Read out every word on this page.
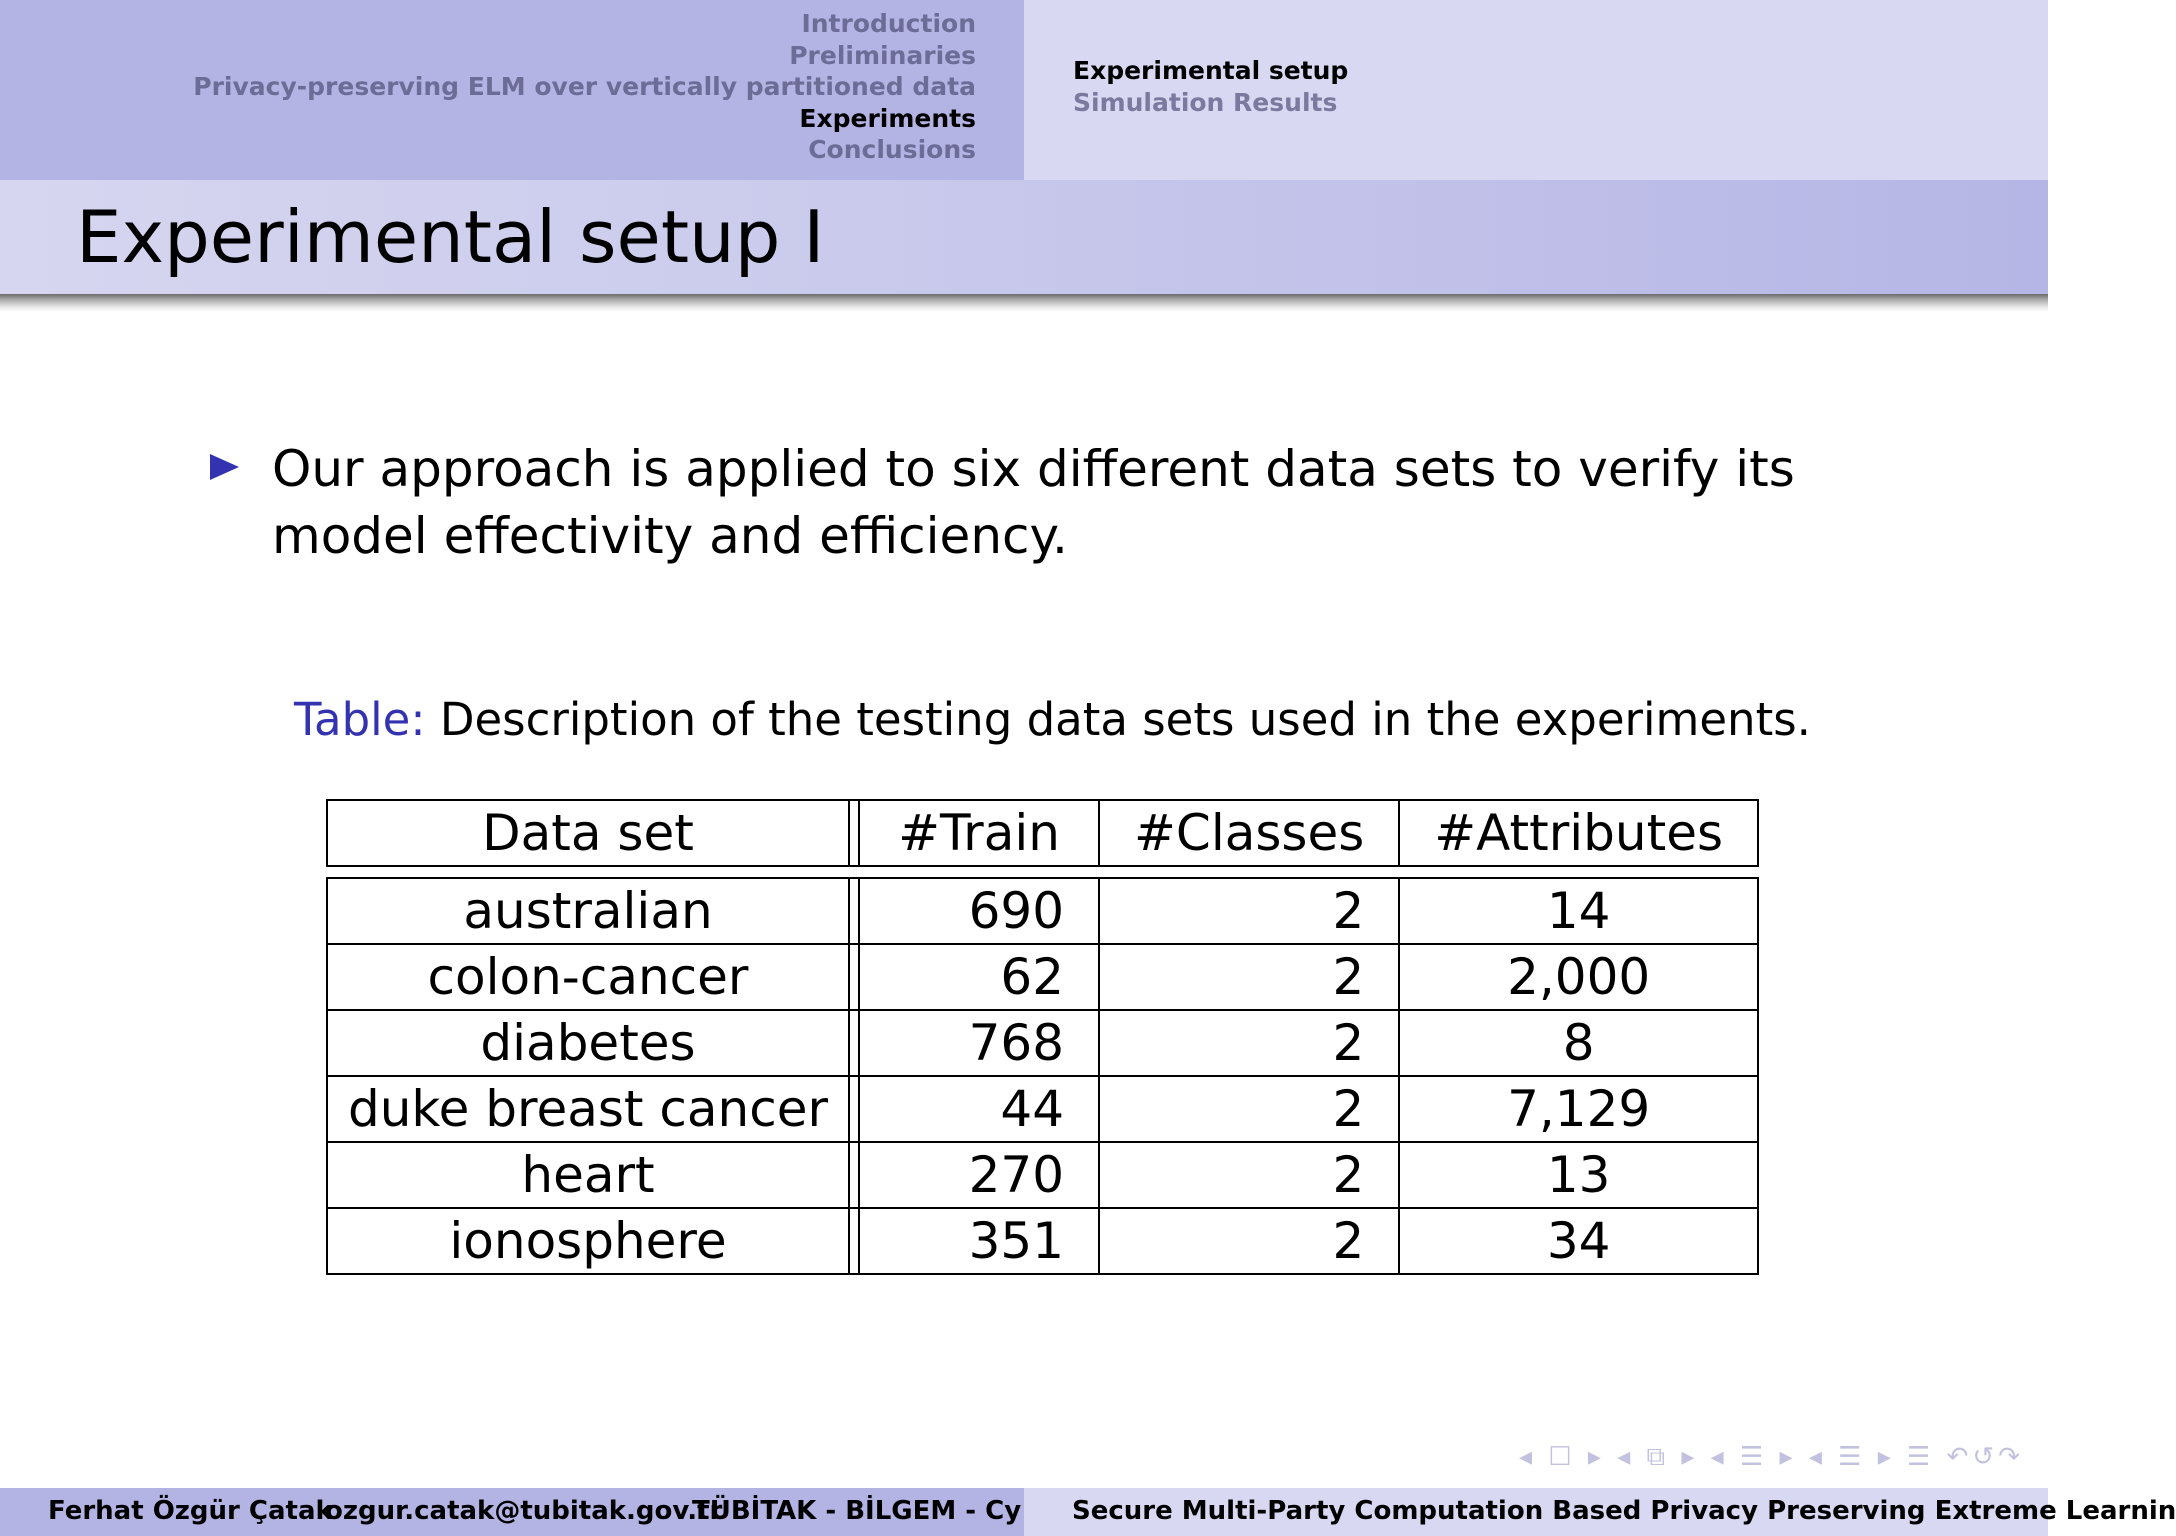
Introduction
Preliminaries
Privacy-preserving ELM over vertically partitioned data
Experiments
Conclusions
Experimental setup
Simulation Results
Experimental setup I
Our approach is applied to six different data sets to verify its model effectivity and efficiency.
Table: Description of the testing data sets used in the experiments.
Data set		#Train	#Classes	#Attributes

australian		690	2	14
colon-cancer		62	2	2,000
diabetes		768	2	8
duke breast cancer		44	2	7,129
heart		270	2	13
ionosphere		351	2	34
◂ ☐ ▸ ◂ ⧉ ▸ ◂ ☰ ▸ ◂ ☰ ▸ ☰ ↶↺↷
Ferhat Özgür Çatak
ozgur.catak@tubitak.gov.tr
TÜBİTAK - BİLGEM - Cy Secure Multi-Party Computation Based Privacy Preserving Extreme Learnin
